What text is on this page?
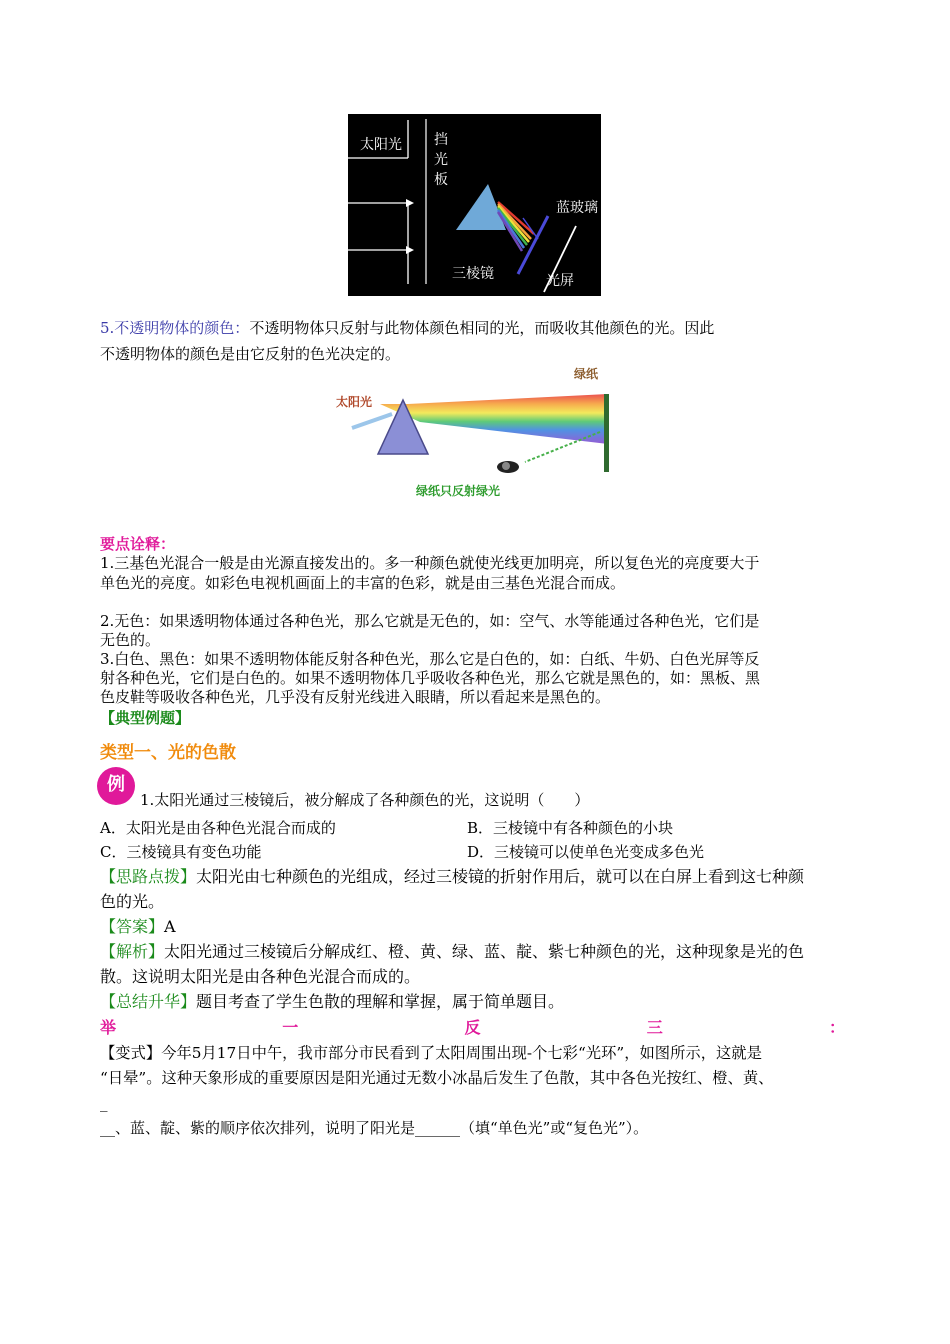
太阳光 挡
光
板
蓝玻璃
三棱镜	光屏
5.不透明物体的颜色：不透明物体只反射与此物体颜色相同的光，而吸收其他颜色的光。因此
不透明物体的颜色是由它反射的色光决定的。
太阳光
绿纸
绿纸只反射绿光
要点诠释：
1.三基色光混合一般是由光源直接发出的。多一种颜色就使光线更加明亮，所以复色光的亮度要大于
单色光的亮度。如彩色电视机画面上的丰富的色彩，就是由三基色光混合而成。
2.无色：如果透明物体通过各种色光，那么它就是无色的，如：空气、水等能通过各种色光，它们是
无色的。
3.白色、黑色：如果不透明物体能反射各种色光，那么它是白色的，如：白纸、牛奶、白色光屏等反
射各种色光，它们是白色的。如果不透明物体几乎吸收各种色光，那么它就是黑色的，如：黑板、黑
色皮鞋等吸收各种色光，几乎没有反射光线进入眼睛，所以看起来是黑色的。
【典型例题】
类型一、光的色散
例
1.太阳光通过三棱镜后，被分解成了各种颜色的光，这说明（　　）
A．太阳光是由各种色光混合而成的	B．三棱镜中有各种颜色的小块
C．三棱镜具有变色功能	D．三棱镜可以使单色光变成多色光
【思路点拨】太阳光由七种颜色的光组成，经过三棱镜的折射作用后，就可以在白屏上看到这七种颜
色的光。
【答案】A
【解析】太阳光通过三棱镜后分解成红、橙、黄、绿、蓝、靛、紫七种颜色的光，这种现象是光的色
散。这说明太阳光是由各种色光混合而成的。
【总结升华】题目考查了学生色散的理解和掌握，属于简单题目。
举	一	反	三	：
【变式】今年5月17日中午，我市部分市民看到了太阳周围出现-个七彩“光环”，如图所示，这就是
“日晕”。这种天象形成的重要原因是阳光通过无数小冰晶后发生了色散，其中各色光按红、橙、黄、
_
__、蓝、靛、紫的顺序依次排列，说明了阳光是______（填“单色光”或“复色光”）。
